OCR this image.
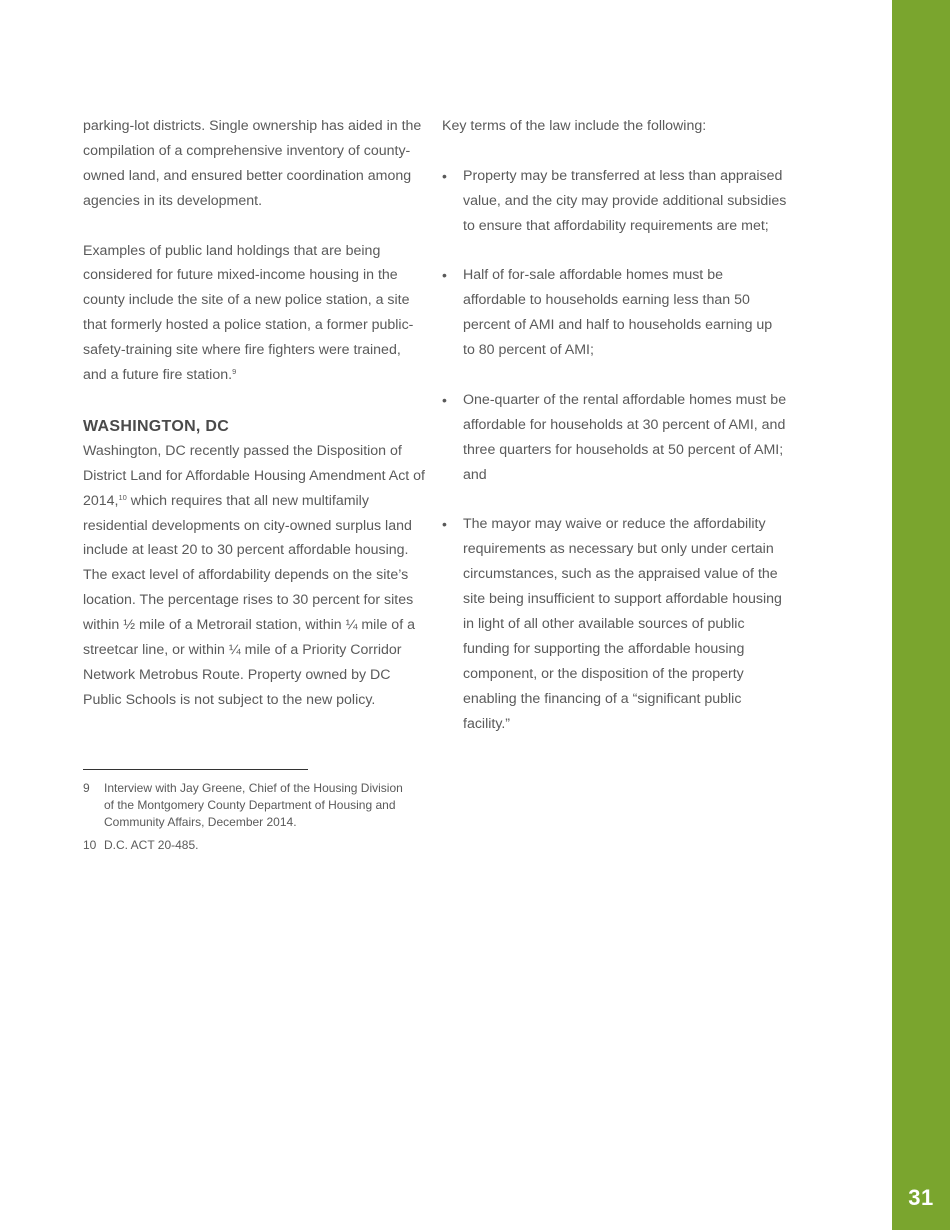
31

parking-lot districts. Single ownership has aided in the compilation of a comprehensive inventory of county-owned land, and ensured better coordination among agencies in its development.

Examples of public land holdings that are being considered for future mixed-income housing in the county include the site of a new police station, a site that formerly hosted a police station, a former public-safety-training site where fire fighters were trained, and a future fire station.$^9$

WASHINGTON, DC

Washington, DC recently passed the Disposition of District Land for Affordable Housing Amendment Act of 2014,10 which requires that all new multifamily residential developments on city-owned surplus land include at least 20 to 30 percent affordable housing. The exact level of affordability depends on the site’s location. The percentage rises to 30 percent for sites within ½ mile of a Metrorail station, within ¼ mile of a streetcar line, or within ¼ mile of a Priority Corridor Network Metrobus Route. Property owned by DC Public Schools is not subject to the new policy.

Key terms of the law include the following:

• Property may be transferred at less than appraised value, and the city may provide additional subsidies to ensure that affordability requirements are met;
• Half of for-sale affordable homes must be affordable to households earning less than 50 percent of AMI and half to households earning up to 80 percent of AMI;
• One-quarter of the rental affordable homes must be affordable for households at 30 percent of AMI, and three quarters for households at 50 percent of AMI; and
• The mayor may waive or reduce the affordability requirements as necessary but only under certain circumstances, such as the appraised value of the site being insufficient to support affordable housing in light of all other available sources of public funding for supporting the affordable housing component, or the disposition of the property enabling the financing of a “significant public facility.”
9 Interview with Jay Greene, Chief of the Housing Division of the Montgomery County Department of Housing and Community Affairs, December 2014.
10 D.C. ACT 20-485.
